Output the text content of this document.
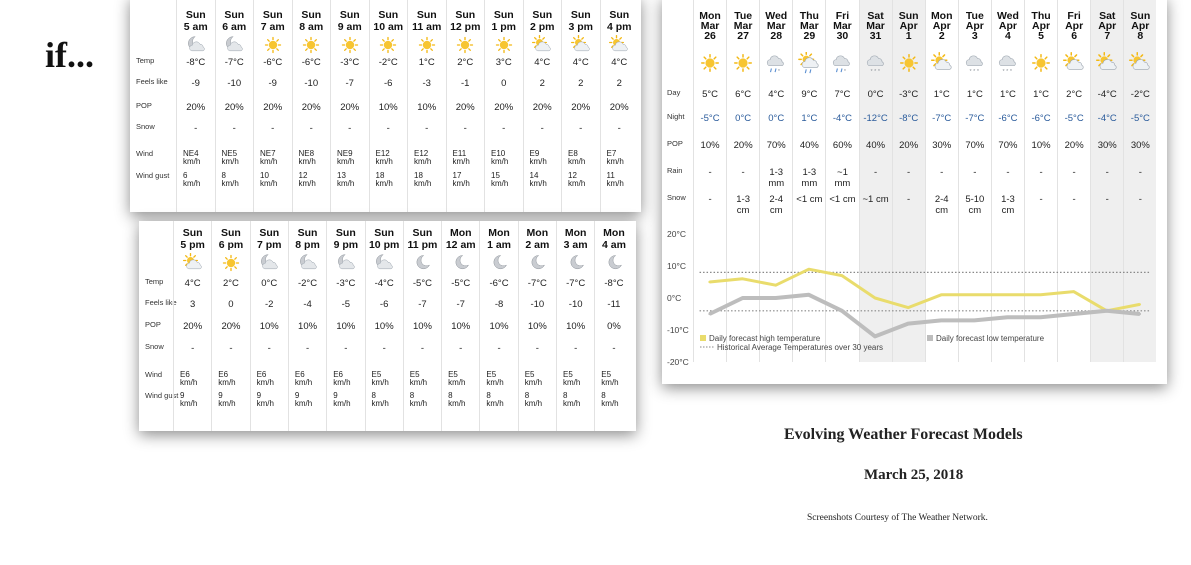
if...	Temp
Feels like
POP
Snow
Wind
Wind gust
Sun
5 am
-8°C
-9
20%
-
NE4
km/h
6
km/h
Sun
6 am
-7°C
-10
20%
-
NE5
km/h
8
km/h
Sun
7 am
-6°C
-9
20%
-
NE7
km/h
10
km/h
Sun
8 am
-6°C
-10
20%
-
NE8
km/h
12
km/h
Sun
9 am
-3°C
-7
20%
-
NE9
km/h
13
km/h
Sun
10 am
-2°C
-6
10%
-
E12
km/h
18
km/h
Sun
11 am
1°C
-3
10%
-
E12
km/h
18
km/h
Sun
12 pm
2°C
-1
20%
-
E11
km/h
17
km/h
Sun
1 pm
3°C
0
20%
-
E10
km/h
15
km/h
Sun
2 pm
4°C
2
20%
-
E9
km/h
14
km/h
Sun
3 pm
4°C
2
20%
-
E8
km/h
12
km/h
Sun
4 pm
4°C
2
20%
-
E7
km/h
11
km/h
Temp
Feels like
POP
Snow
Wind
Wind gust
Sun
5 pm
4°C
3
20%
-
E6
km/h
9
km/h
Sun
6 pm
2°C
0
20%
-
E6
km/h
9
km/h
Sun
7 pm
0°C
-2
10%
-
E6
km/h
9
km/h
Sun
8 pm
-2°C
-4
10%
-
E6
km/h
9
km/h
Sun
9 pm
-3°C
-5
10%
-
E6
km/h
9
km/h
Sun
10 pm
-4°C
-6
10%
-
E5
km/h
8
km/h
Sun
11 pm
-5°C
-7
10%
-
E5
km/h
8
km/h
Mon
12 am
-5°C
-7
10%
-
E5
km/h
8
km/h
Mon
1 am
-6°C
-8
10%
-
E5
km/h
8
km/h
Mon
2 am
-7°C
-10
10%
-
E5
km/h
8
km/h
Mon
3 am
-7°C
-10
10%
-
E5
km/h
8
km/h
Mon
4 am
-8°C
-11
0%
-
E5
km/h
8
km/h
Mon
Mar
26
5°C
-5°C
10%
-
-
Tue
Mar
27
6°C
0°C
20%
-
1-3 cm
Wed
Mar
28
*
4°C
0°C
70%
1-3 mm
2-4 cm
Thu
Mar
29
9°C
1°C
40%
1-3 mm
<1 cm
Fri
Mar
30
*
7°C
-4°C
60%
~1 mm
<1 cm
Sat
Mar
31
* * *
0°C
-12°C
40%
-
~1 cm
Sun
Apr
1
-3°C
-8°C
20%
-
-
Mon
Apr
2
1°C
-7°C
30%
-
2-4 cm
Tue
Apr
3
* * *
1°C
-7°C
70%
-
5-10 cm
Wed
Apr
4
* * *
1°C
-6°C
70%
-
1-3 cm
Thu
Apr
5
1°C
-6°C
10%
-
-
Fri
Apr
6
2°C
-5°C
20%
-
-
Sat
Apr
7
-4°C
-4°C
30%
-
-
Sun
Apr
8
-2°C
-5°C
30%
-
-
Day
Night
POP
Rain
Snow
20°C
10°C
0°C
-10°C
-20°C
Daily forecast high temperature
Historical Average Temperatures over 30 years
Daily forecast low temperature
Evolving Weather Forecast Models
March 25, 2018
Screenshots Courtesy of The Weather Network.
